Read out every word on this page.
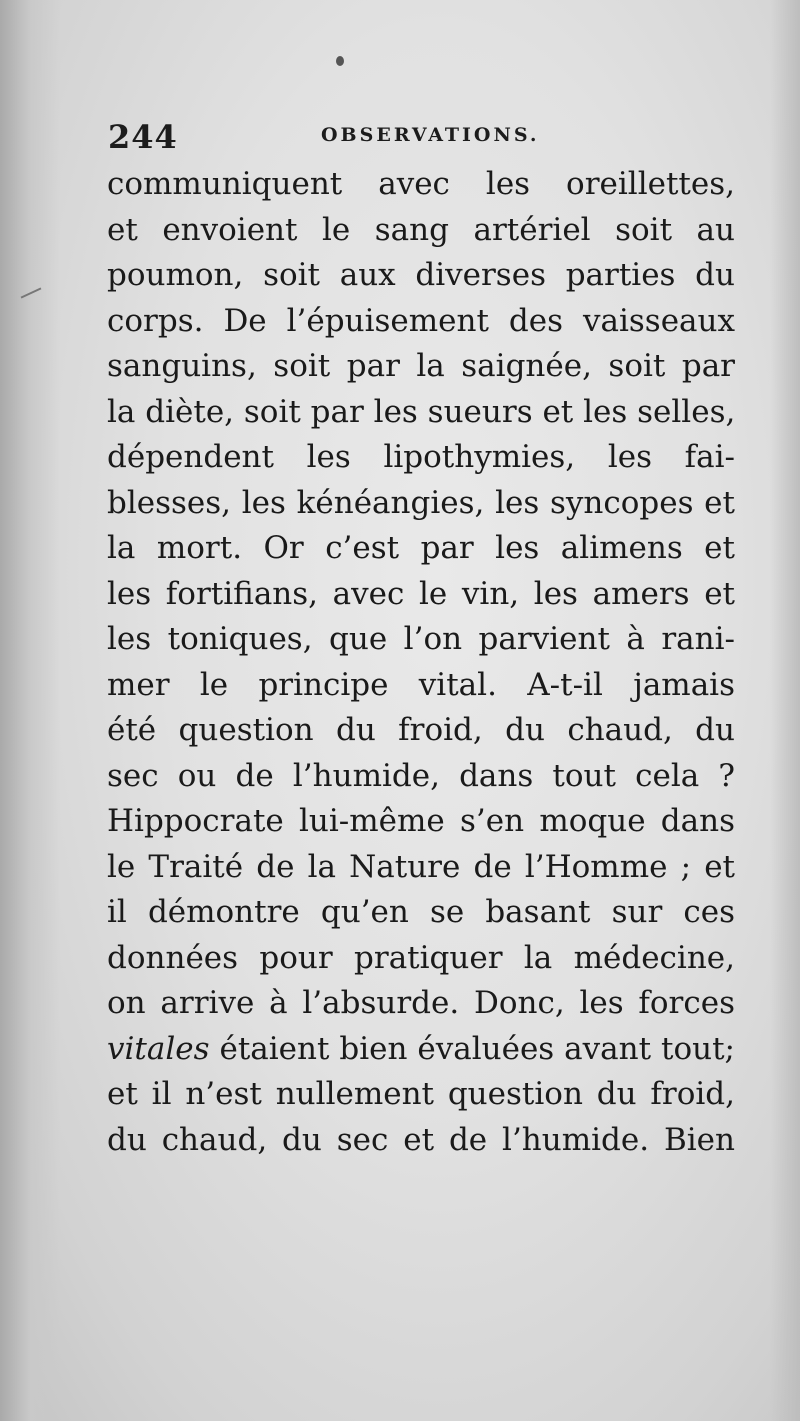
244	OBSERVATIONS.
communiquent avec les oreillettes,
et envoient le sang artériel soit au
poumon, soit aux diverses parties du
corps. De l’épuisement des vaisseaux
sanguins, soit par la saignée, soit par
la diète, soit par les sueurs et les selles,
dépendent les lipothymies, les fai-
blesses, les kénéangies, les syncopes et
la mort. Or c’est par les alimens et
les fortifians, avec le vin, les amers et
les toniques, que l’on parvient à rani-
mer le principe vital. A-t-il jamais
été question du froid, du chaud, du
sec ou de l’humide, dans tout cela ?
Hippocrate lui-même s’en moque dans
le Traité de la Nature de l’Homme ; et
il démontre qu’en se basant sur ces
données pour pratiquer la médecine,
on arrive à l’absurde. Donc, les forces
vitales étaient bien évaluées avant tout;
et il n’est nullement question du froid,
du chaud, du sec et de l’humide. Bien
